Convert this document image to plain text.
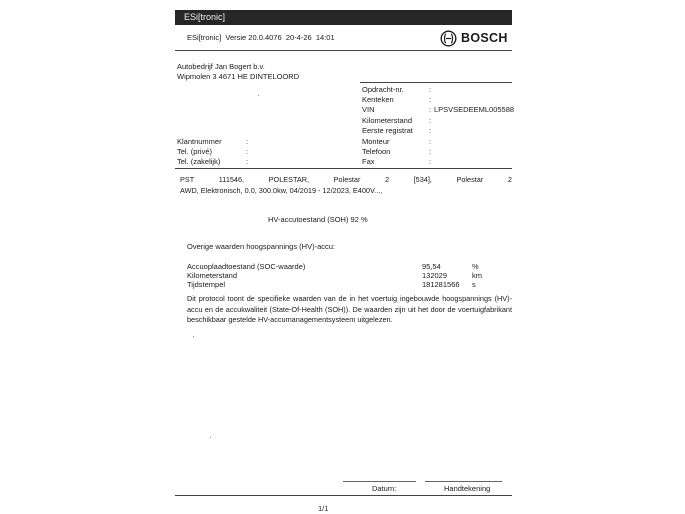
ESi[tronic]
ESi[tronic] Versie 20.0.4076 20-4-26 14:01	BOSCH
Autobedrijf Jan Bogert b.v.
Wipmolen 3 4671 HE DINTELOORD
Opdracht-nr.	:
Kenteken	:
VIN	: LPSVSEDEEML005588
Kilometerstand :
Eerste registrat :
Monteur	:
Telefoon	:
Fax	:
Klantnummer	:
Tel. (privé)	:
Tel. (zakelijk)	:
PST	111546,	POLESTAR,	Polestar	2	[534],	Polestar	2
AWD, Elektronisch, 0.0, 300.0kw, 04/2019 - 12/2023, E400V...,
HV-accutoestand (SOH) 92 %
Overige waarden hoogspannings (HV)-accu:
Accuoplaadtoestand (SOC-waarde)	95,54	%
Kilometerstand	132029	km
Tijdstempel	181281566 s
Dit protocol toont de specifieke waarden van de in het voertuig ingebouwde hoogspannings (HV)-accu en de accukwaliteit (State-Of-Health (SOH)). De waarden zijn uit het door de voertuigfabrikant beschikbaar gestelde HV-accumanagementsysteem uitgelezen.
Datum:	Handtekening
1/1
